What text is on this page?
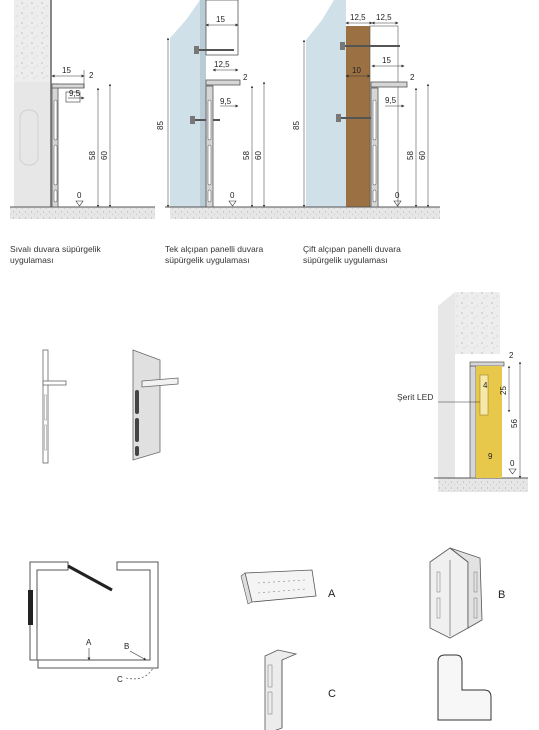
15
2
9,5
58 60
0
Sıvalı duvara süpürgelik uygulaması
15
12,5
2
9,5
85
58 60
0
Tek alçıpan panelli duvara süpürgelik uygulaması
12,5 12,5
10
15
2
9,5
85
58 60
0
Çift alçıpan panelli duvara süpürgelik uygulaması
4
9
25
56
2
0
Şerit LED
A	B
C
A	B
C
